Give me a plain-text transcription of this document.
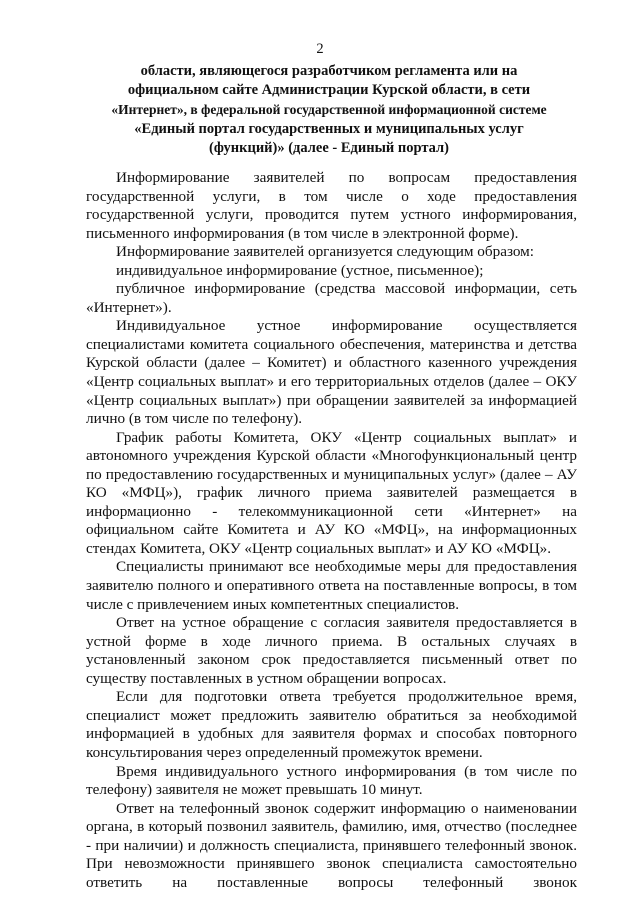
2
области, являющегося разработчиком регламента или на
официальном сайте Администрации Курской области, в сети
«Интернет», в федеральной государственной информационной системе
«Единый портал государственных и муниципальных услуг
(функций)» (далее - Единый портал)
Информирование заявителей по вопросам предоставления
государственной услуги, в том числе о ходе предоставления
государственной услуги, проводится путем устного информирования,
письменного информирования (в том числе в электронной форме).
Информирование заявителей организуется следующим образом:
индивидуальное информирование (устное, письменное);
публичное информирование (средства массовой информации, сеть
«Интернет»).
Индивидуальное устное информирование осуществляется
специалистами комитета социального обеспечения, материнства и детства
Курской области (далее – Комитет) и областного казенного учреждения
«Центр социальных выплат» и его территориальных отделов (далее – ОКУ
«Центр социальных выплат») при обращении заявителей за информацией
лично (в том числе по телефону).
График работы Комитета, ОКУ «Центр социальных выплат» и
автономного учреждения Курской области «Многофункциональный центр
по предоставлению государственных и муниципальных услуг» (далее – АУ
КО «МФЦ»), график личного приема заявителей размещается в
информационно - телекоммуникационной сети «Интернет» на
официальном сайте Комитета и АУ КО «МФЦ», на информационных
стендах Комитета, ОКУ «Центр социальных выплат» и АУ КО «МФЦ».
Специалисты принимают все необходимые меры для предоставления
заявителю полного и оперативного ответа на поставленные вопросы, в том
числе с привлечением иных компетентных специалистов.
Ответ на устное обращение с согласия заявителя предоставляется в
устной форме в ходе личного приема. В остальных случаях в
установленный законом срок предоставляется письменный ответ по
существу поставленных в устном обращении вопросах.
Если для подготовки ответа требуется продолжительное время,
специалист может предложить заявителю обратиться за необходимой
информацией в удобных для заявителя формах и способах повторного
консультирования через определенный промежуток времени.
Время индивидуального устного информирования (в том числе по
телефону) заявителя не может превышать 10 минут.
Ответ на телефонный звонок содержит информацию о наименовании
органа, в который позвонил заявитель, фамилию, имя, отчество (последнее
- при наличии) и должность специалиста, принявшего телефонный звонок.
При невозможности принявшего звонок специалиста самостоятельно
ответить на поставленные вопросы телефонный звонок
